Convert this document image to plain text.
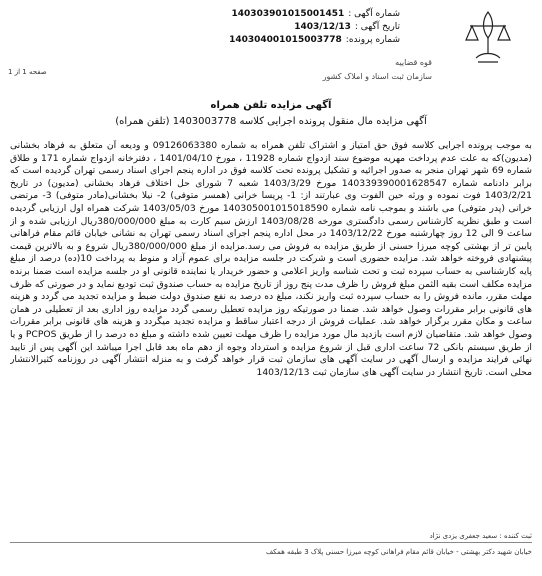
قوه قضاییه
سازمان ثبت اسناد و املاک کشور
شماره آگهی :
140303901015001451
تاریخ آگهی :
1403/12/13
شماره پرونده:
140304001015003778
صفحه 1 از 1
آگهی مزایده تلفن همراه
آگهی مزایده مال منقول پرونده اجرایی کلاسه 1403003778 (تلفن همراه)

به موجب پرونده اجرایی کلاسه فوق حق امتیاز و اشتراک تلفن همراه به شماره 09126063380 و ودیعه آن متعلق به فرهاد بخشانی (مدیون)که به علت عدم پرداخت مهریه موضوع سند ازدواج شماره 11928 ، مورخ 1401/04/10 ، دفترخانه ازدواج شماره 171 و طلاق شماره 69 شهر تهران منجر به صدور اجرائیه و تشکیل پرونده تحت کلاسه فوق در اداره پنجم اجرای اسناد رسمی تهران گردیده است که برابر دادنامه شماره 140339390001628547 مورخ 1403/3/29 شعبه 7 شورای حل اختلاف فرهاد بخشانی (مدیون) در تاریخ 1403/2/21 فوت نموده و ورثه حین الفوت وی عبارتند از: 1- پریسا خرانی (همسر متوفی) 2- نیلا بخشانی(مادر متوفی) 3- مرتضی خرانی (پدر متوفی) می باشند و بموجب نامه شماره 140305001015018590 مورخ 1403/05/03 شرکت همراه اول ارزیابی گردیده است و طبق نظریه کارشناس رسمی دادگستری مورخه 1403/08/28 ارزش سیم کارت به مبلغ 380/000/000ریال ارزیابی شده و از ساعت 9 الی 12 روز چهارشنبه مورخ 1403/12/22 در محل اداره پنجم اجرای اسناد رسمی تهران به نشانی خیابان قائم مقام فراهانی پایین تر از بهشتی کوچه میرزا حسنی از طریق مزایده به فروش می رسد.مزایده از مبلغ 380/000/000ریال شروع و به بالاترین قیمت پیشنهادی فروخته خواهد شد. مزایده حضوری است و شرکت در جلسه مزایده برای عموم آزاد و منوط به پرداخت 10(ده) درصد از مبلغ پایه کارشناسی به حساب سپرده ثبت و تحت شناسه واریز اعلامی و حضور خریدار یا نماینده قانونی او در جلسه مزایده است ضمنا برنده مزایده مکلف است بقیه الثمن مبلغ فروش را ظرف مدت پنج روز از تاریخ مزایده به حساب صندوق ثبت تودیع نماید و در صورتی که ظرف مهلت مقرر، مانده فروش را به حساب سپرده ثبت واریز نکند، مبلغ ده درصد به نفع صندوق دولت ضبط و مزایده تجدید می گردد و هزینه های قانونی برابر مقررات وصول خواهد شد. ضمنا در صورتیکه روز مزایده تعطیل رسمی گردد مزایده روز اداری بعد از تعطیلی در همان ساعت و مکان مقرر برگزار خواهد شد. عملیات فروش از درجه اعتبار ساقط و مزایده تجدید میگردد و هزینه های قانونی برابر مقررات وصول خواهد شد. متقاضیان لازم است بازدید مال مورد مزایده را ظرف مهلت تعیین شده داشته و مبلغ ده درصد را از طریق PCPOS و یا از طریق سیستم بانکی 72 ساعت اداری قبل از شروع مزایده و استرداد وجوه از دهم ماه بعد قابل اجرا میباشد این آگهی پس از تایید نهائی فرایند مزایده و ارسال آگهی در سایت آگهی های سازمان ثبت قرار خواهد گرفت و به منزله انتشار آگهی در روزنامه کثیرالانتشار محلی است. تاریخ انتشار در سایت آگهی های سازمان ثبت 1403/12/13

ثبت کننده : سعید جعفری یزدی نژاد
خیابان شهید دکتر بهشتی - خیابان قائم مقام فراهانی کوچه میرزا حسنی پلاک 3 طبقه همکف
